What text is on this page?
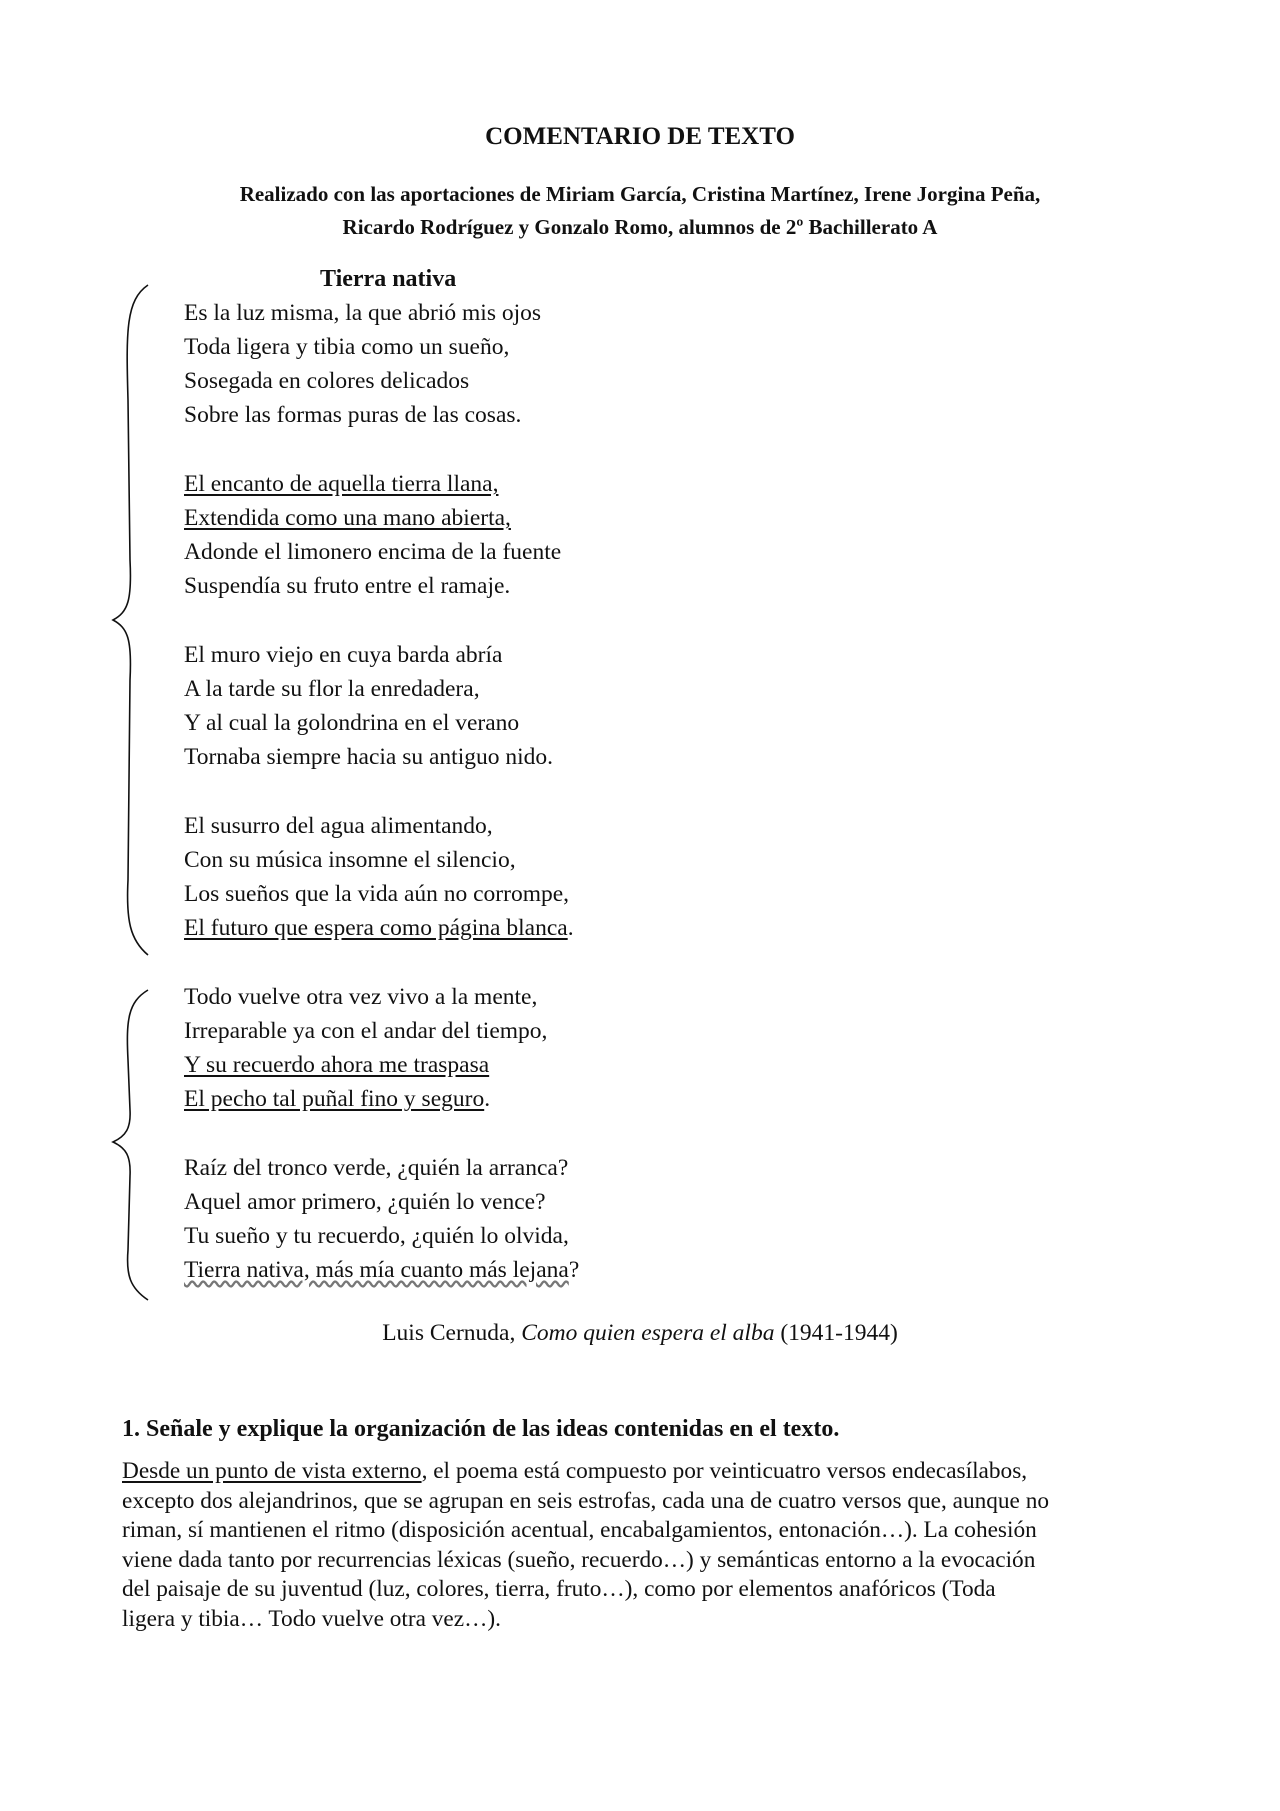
COMENTARIO DE TEXTO
Realizado con las aportaciones de Miriam García, Cristina Martínez, Irene Jorgina Peña,
Ricardo Rodríguez y Gonzalo Romo, alumnos de 2º Bachillerato A
Tierra nativa
Es la luz misma, la que abrió mis ojos
Toda ligera y tibia como un sueño,
Sosegada en colores delicados
Sobre las formas puras de las cosas.
El encanto de aquella tierra llana,
Extendida como una mano abierta,
Adonde el limonero encima de la fuente
Suspendía su fruto entre el ramaje.
El muro viejo en cuya barda abría
A la tarde su flor la enredadera,
Y al cual la golondrina en el verano
Tornaba siempre hacia su antiguo nido.
El susurro del agua alimentando,
Con su música insomne el silencio,
Los sueños que la vida aún no corrompe,
El futuro que espera como página blanca.
Todo vuelve otra vez vivo a la mente,
Irreparable ya con el andar del tiempo,
Y su recuerdo ahora me traspasa
El pecho tal puñal fino y seguro.
Raíz del tronco verde, ¿quién la arranca?
Aquel amor primero, ¿quién lo vence?
Tu sueño y tu recuerdo, ¿quién lo olvida,
Tierra nativa, más mía cuanto más lejana?
Luis Cernuda, Como quien espera el alba (1941-1944)
1. Señale y explique la organización de las ideas contenidas en el texto.
Desde un punto de vista externo, el poema está compuesto por veinticuatro versos endecasílabos,
excepto dos alejandrinos, que se agrupan en seis estrofas, cada una de cuatro versos que, aunque no
riman, sí mantienen el ritmo (disposición acentual, encabalgamientos, entonación…). La cohesión
viene dada tanto por recurrencias léxicas (sueño, recuerdo…) y semánticas entorno a la evocación
del paisaje de su juventud (luz, colores, tierra, fruto…), como por elementos anafóricos (Toda
ligera y tibia… Todo vuelve otra vez…).
